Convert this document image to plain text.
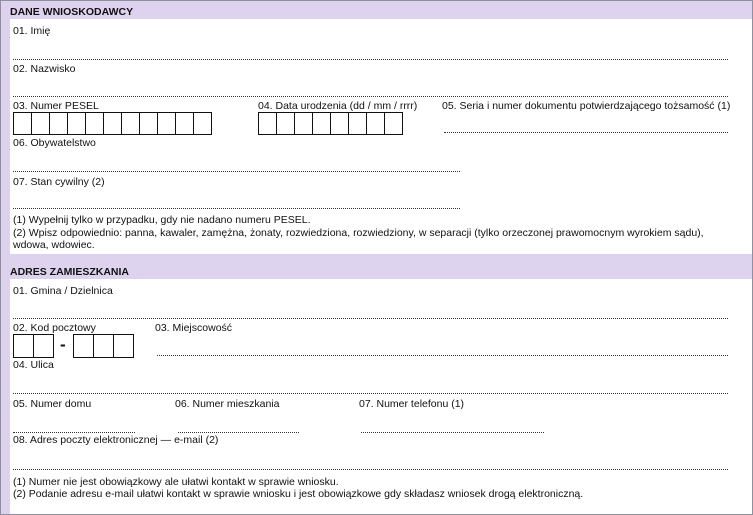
DANE WNIOSKODAWCY
01. Imię
02. Nazwisko
03. Numer PESEL	04. Data urodzenia (dd / mm / rrrr) 05. Seria i numer dokumentu potwierdzającego tożsamość (1)
06. Obywatelstwo
07. Stan cywilny (2)
(1) Wypełnij tylko w przypadku, gdy nie nadano numeru PESEL.
(2) Wpisz odpowiednio: panna, kawaler, zamężna, żonaty, rozwiedziona, rozwiedziony, w separacji (tylko orzeczonej prawomocnym wyrokiem sądu),
wdowa, wdowiec.
ADRES ZAMIESZKANIA
01. Gmina / Dzielnica
02. Kod pocztowy
-
03. Miejscowość
04. Ulica
05. Numer domu	06. Numer mieszkania	07. Numer telefonu (1)
08. Adres poczty elektronicznej — e-mail (2)
(1) Numer nie jest obowiązkowy ale ułatwi kontakt w sprawie wniosku.
(2) Podanie adresu e-mail ułatwi kontakt w sprawie wniosku i jest obowiązkowe gdy składasz wniosek drogą elektroniczną.
